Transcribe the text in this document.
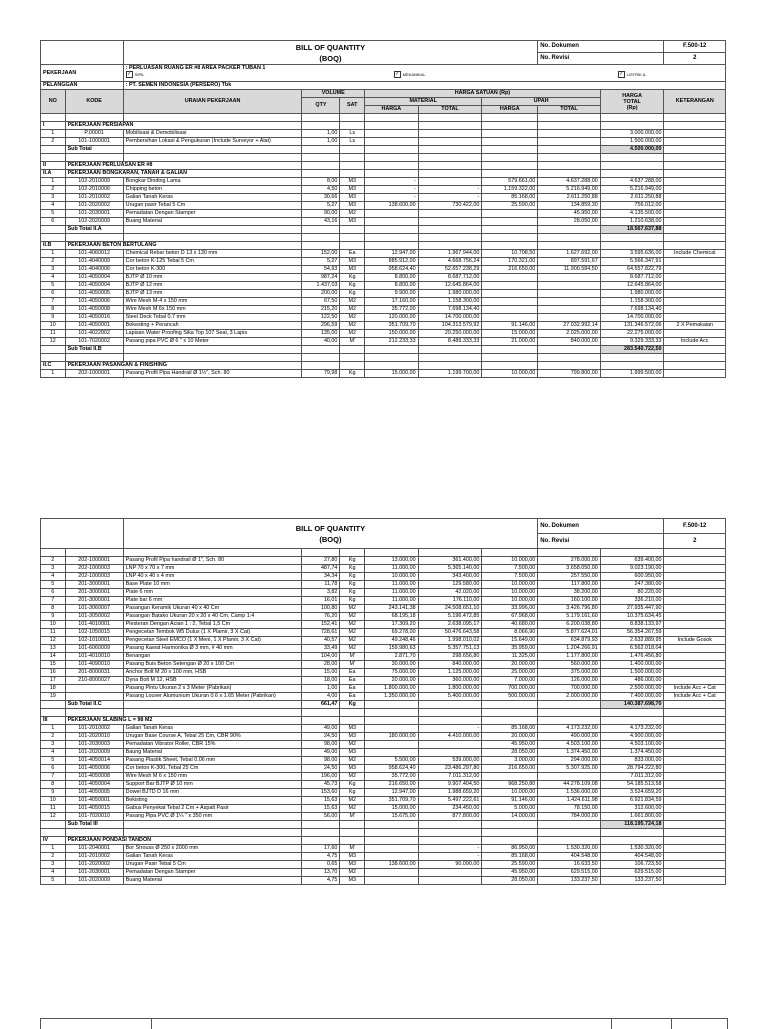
		BILL OF QUANTITY
(BOQ)						No. Dokumen		F.500-12
								No. Revisi		2
PEKERJAAN		: PERLUASAN RUANG ER #8 AREA PACKER TUBAN 1
✓ SIPIL ✓ MEKANIKAL ✓ LISTRIK &								

PELANGGAN		: PT. SEMEN INDONESIA (PERSERO) Tbk								
NO	KODE	URAIAN PEKERJAAN	VOLUME		HARGA SATUAN (Rp)				HARGA
TOTAL
(Rp)	KETERANGAN
			QTY	SAT	MATERIAL		UPAH			
					HARGA	TOTAL	HARGA	TOTAL		

I	PEKERJAAN PERSIAPAN									
1	P.00001	Mobilisasi & Demobilisasi	1,00	Ls					3.000.000,00	
2	101-1000001	Pembersihan Lokasi & Pengukuran (Include Surveyor + Alat)	1,00	Ls					1.500.000,00	
	Sub Total								4.500.000,00	

II	PEKERJAAN PERLUASAN ER #8									
II.A	PEKERJAAN BONGKARAN, TANAH & GALIAN									
1	102-2010009	Bongkar Dinding Lama	8,00	M3	-		579.661,00	4.637.288,00	4.637.288,00	
2	102-2010006	Chipping beton	4,50	M3	-	-	1.159.322,00	5.216.949,00	5.216.949,00	
3	101-2010002	Galian Tanah Keras	30,66	M3	-	-	85.168,00	2.611.250,88	2.611.250,88	
4	101-2020002	Urugan pasir Tebal 5 Cm	5,27	M3	138.600,00	730.422,00	25.590,00	134.859,30	756.012,00	
5	101-2030001	Pemadatan Dengan Stamper	90,00	M2				45.950,00	4.135.500,00	
6	102-2020009	Buang Material	43,16	M3				28.050,00	1.210.638,00	
	Sub Total II.A								18.567.637,88	

II.B	PEKERJAAN BETON BERTULANG									
1	101-4060012	Chemical Rebar beton D 13 x 130 mm	152,00	Ea	12.947,00	1.967.944,00	10.708,50	1.627.692,00	3.595.636,00	Include Chemical
2	101-4040009	Cor beton K-125 Tebal 5 Cm	5,27	M3	885.912,00	4.668.756,24	170.321,00	897.591,67	5.566.347,91	
3	101-4040006	Cor beton K-300	54,93	M3	958.624,40	52.657.238,29	216.650,00	11.900.584,50	64.557.822,79	
4	101-4050004	BJTP Ø 10 mm	987,24	Kg	8.800,00	8.687.712,00			8.687.712,00	
5	101-4050004	BJTP Ø 12 mm	1.437,03	Kg	8.800,00	12.645.864,00			12.645.864,00	
6	101-4050005	BJTP Ø 13 mm	200,00	Kg	9.900,00	1.980.000,00			1.980.000,00	
7	101-4050006	Wire Mesh M-4 x 150 mm	67,50	M2	17.160,00	1.158.300,00			1.158.300,00	
8	101-4050008	Wire Mesh M 6x 150 mm	215,20	M2	35.772,00	7.698.134,40			7.698.134,40	
9	101-4050016	Steel Deck Tebal 0.7 mm	122,50	M2	120.000,00	14.700.000,00			14.700.000,00	
10	101-4050001	Bekesting + Perancah	296,59	M2	351.709,70	104.313.579,92	91.146,00	27.032.992,14	131.346.572,06	2 X Pemakaian
11	101-4022002	Lapisan Water Proofing Sika Top 107 Seal, 3 Lapis	135,00	M2	150.000,00	20.250.000,00	15.000,00	2.025.000,00	22.275.000,00	
12	101-7020002	Pasang pipa PVC Ø 6 " x 10 Meter	40,00	M'	212.233,33	8.489.333,33	21.000,00	840.000,00	9.329.333,33	Include Acc
	Sub Total II.B								283.540.722,50	

II.C	PEKERJAAN PASANGAN & FINISHING									
1	202-1000001	Pasang Profil Pipa Handrail Ø 1½", Sch. 80	79,98	Kg	15.000,00	1.199.700,00	10.000,00	799.800,00	1.999.500,00	
		BILL OF QUANTITY
(BOQ)						No. Dokumen		F.500-12
								No. Revisi		2

2	202-1000001	Pasang Profil Pipa handrail Ø 1", Sch. 80	27,80	Kg	13.000,00	361.400,00	10.000,00	278.000,00	639.400,00	
3	202-1000003	LNP 70 x 70 x 7 mm	487,74	Kg	11.000,00	5.365.140,00	7.500,00	3.658.050,00	9.023.190,00	
4	202-1000003	LNP 40 x 40 x 4 mm	34,34	Kg	10.000,00	343.400,00	7.500,00	257.550,00	600.950,00	
5	201-3000001	Base Plate 10 mm	11,78	Kg	11.000,00	129.580,00	10.000,00	117.800,00	247.380,00	
6	201-3000001	Plate 6 mm	3,82	Kg	11.000,00	42.020,00	10.000,00	38.200,00	80.220,00	
7	201-3000001	Plate bar 6 mm	16,01	Kg	11.000,00	176.110,00	10.000,00	160.100,00	336.210,00	
8	101-3060007	Pasangan Keramik Ukuran 40 x 40 Cm	100,80	M2	243.141,38	24.508.651,10	33.996,00	3.426.796,80	27.935.447,90	
9	101-3050002	Pasangan Batako Ukuran 20 x 20 x 40 Cm, Camp 1:4	76,20	M2	68.195,18	5.196.472,85	67.968,00	5.179.161,60	10.375.634,45	
10	101-4010001	Plesteran Dengan Acian 1 : 2, Tebal 1,5 Cm	152,41	M2	17.309,20	2.638.095,17	40.680,00	6.200.038,80	8.838.133,97	
11	102-1050015	Pengecetan Tembok W5 Dulux (1 X Plamir, 3 X Cat)	728,61	M2	69.278,00	50.476.643,58	8.066,90	5.877.624,01	56.354.267,59	
12	102-1010001	Pengecetan Steel EMCO (1 X Meni, 1 X Plamir, 3 X Cat)	40,57	M2	49.248,46	1.998.010,02	15.649,00	634.879,93	2.632.889,95	Include Gosok
13	101-6060009	Pasang Kawat Harmonika Ø 3 mm, # 40 mm	33,49	M2	159.980,63	5.357.751,13	35.959,00	1.204.266,91	6.562.018,04	
14	101-4010010	Benangan	104,00	M'	2.871,70	298.656,80	11.325,00	1.177.800,00	1.476.456,80	
15	101-4090010	Pasang Buis Beton Setengan Ø 20 x 100 Cm	28,00	M'	30.000,00	840.000,00	20.000,00	560.000,00	1.400.000,00	
16	201-8000031	Anchor Bolt M 20 x 100 mm, HSB	15,00	Ea	75.000,00	1.125.000,00	25.000,00	375.000,00	1.500.000,00	
17	210-8000027	Dyna Bolt M 12, HSB	18,00	Ea	20.000,00	360.000,00	7.000,00	126.000,00	486.000,00	
18		Pasang Pintu Ukuran 2 x 3 Meter (Pabrikan)	1,00	Ea	1.800.000,00	1.800.000,00	700.000,00	700.000,00	2.500.000,00	Include Acc + Cat
19		Pasang Louver Alumunium Ukuran 0.6 x 1.65 Meter (Pabrikan)	4,00	Ea	1.350.000,00	5.400.000,00	500.000,00	2.000.000,00	7.400.000,00	Include Acc + Cat
	Sub Total II.C		661,47	Kg					140.387.698,70	

III	PEKERJAAN SLABING L = 98 M2									
1	101-2010002	Galian Tanah Keras	49,00	M3		-	85.168,00	4.173.232,00	4.173.232,00	
2	101-2020010	Urugan Base Course A, Tebal 25 Cm, CBR 90%	24,50	M3	180.000,00	4.410.000,00	20.000,00	490.000,00	4.900.000,00	
3	101-2030003	Pemadatan Vibrator Roller, CBR 15%	98,00	M2			45.950,00	4.503.100,00	4.503.100,00	
4	101-2020009	Baung Material	49,00	M3			28.050,00	1.374.450,00	1.374.450,00	
5	101-4050014	Pasang Plastik Sheet, Tebal 0.06 mm	98,00	M2	5.500,00	539.000,00	3.000,00	294.000,00	833.000,00	
6	101-4050006	Cor beton K-300, Tebal 25 Cm	24,50	M3	958.624,40	23.486.297,80	216.650,00	5.307.925,00	28.794.222,80	
7	101-4050008	Wire Mesh M 6 x 150 mm	196,00	M2	35.772,00	7.011.312,00			7.011.312,00	
8	101-4050004	Support Bar BJTP Ø 10 mm	45,73	Kg	216.650,00	9.907.404,50	968.250,80	44.278.109,08	54.185.513,58	
9	101-4050005	Dowel BJTD D 16 mm	153,60	Kg	12.947,00	1.988.659,20	10.000,00	1.536.000,00	3.524.659,20	
10	101-4050001	Bekisting	15,63	M2	351.709,70	5.497.222,61	91.146,00	1.424.611,98	6.921.834,59	
11	101-4050015	Gabus Penyekat Tebal 2 Cm + Aspalt Pasir	15,63	M2	15.000,00	234.450,00	5.000,00	78.150,00	312.600,00	
12	101-7020010	Pasang Pipa PVC Ø 1¼ " x 350 mm	56,00	M'	15.675,00	877.800,00	14.000,00	784.000,00	1.661.800,00	
	Sub Total III								118.195.724,18	

IV	PEKERJAAN PONDASI TANDON									
1	101-2040001	Bor Strouss Ø 250 x 2000 mm	17,60	M'		-	86.950,00	1.530.320,00	1.530.320,00	
2	101-2010002	Galian Tanah Keras	4,75	M3		-	85.168,00	404.548,00	404.548,00	
3	101-2020002	Urugan Pasir Tebal 5 Cm	0,65	M3	138.600,00	90.090,00	25.590,00	16.633,50	106.723,50	
4	101-2030001	Pemadatan Dengan Stamper	13,70	M2			45.950,00	629.515,00	629.515,00	
5	101-2020009	Buang Material	4,75	M3			28.050,00	133.237,50	133.237,50	
